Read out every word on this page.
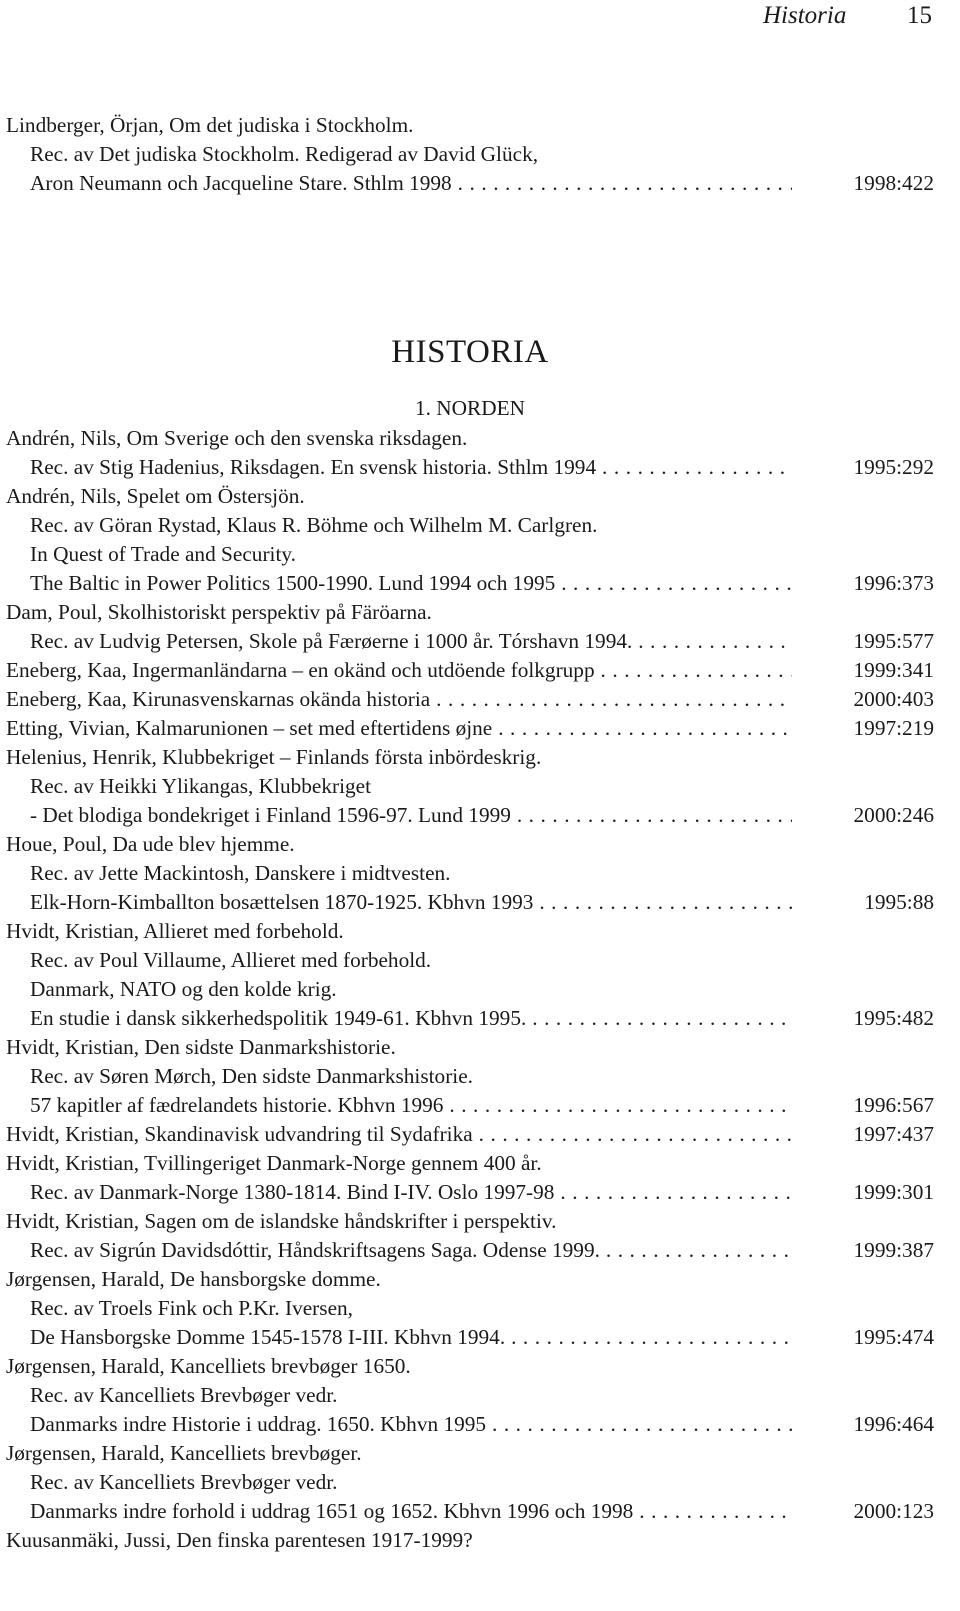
Historia 15
Lindberger, Örjan, Om det judiska i Stockholm.
Rec. av Det judiska Stockholm. Redigerad av David Glück,
Aron Neumann och Jacqueline Stare. Sthlm 1998 . . .	1998:422
HISTORIA
1. NORDEN
Andrén, Nils, Om Sverige och den svenska riksdagen.
Rec. av Stig Hadenius, Riksdagen. En svensk historia. Sthlm 1994 . . .	1995:292
Andrén, Nils, Spelet om Östersjön.
Rec. av Göran Rystad, Klaus R. Böhme och Wilhelm M. Carlgren.
In Quest of Trade and Security.
The Baltic in Power Politics 1500-1990. Lund 1994 och 1995 . . .	1996:373
Dam, Poul, Skolhistoriskt perspektiv på Färöarna.
Rec. av Ludvig Petersen, Skole på Færøerne i 1000 år. Tórshavn 1994. . . .	1995:577
Eneberg, Kaa, Ingermanländarna – en okänd och utdöende folkgrupp . . .	1999:341
Eneberg, Kaa, Kirunasvenskarnas okända historia . . .	2000:403
Etting, Vivian, Kalmarunionen – set med eftertidens øjne . . .	1997:219
Helenius, Henrik, Klubbekriget – Finlands första inbördeskrig.
Rec. av Heikki Ylikangas, Klubbekriget
- Det blodiga bondekriget i Finland 1596-97. Lund 1999 . . .	2000:246
Houe, Poul, Da ude blev hjemme.
Rec. av Jette Mackintosh, Danskere i midtvesten.
Elk-Horn-Kimballton bosættelsen 1870-1925. Kbhvn 1993 . . .	1995:88
Hvidt, Kristian, Allieret med forbehold.
Rec. av Poul Villaume, Allieret med forbehold.
Danmark, NATO og den kolde krig.
En studie i dansk sikkerhedspolitik 1949-61. Kbhvn 1995. . . .	1995:482
Hvidt, Kristian, Den sidste Danmarkshistorie.
Rec. av Søren Mørch, Den sidste Danmarkshistorie.
57 kapitler af fædrelandets historie. Kbhvn 1996 . . .	1996:567
Hvidt, Kristian, Skandinavisk udvandring til Sydafrika . . .	1997:437
Hvidt, Kristian, Tvillingeriget Danmark-Norge gennem 400 år.
Rec. av Danmark-Norge 1380-1814. Bind I-IV. Oslo 1997-98 . . .	1999:301
Hvidt, Kristian, Sagen om de islandske håndskrifter i perspektiv.
Rec. av Sigrún Davidsdóttir, Håndskriftsagens Saga. Odense 1999. . . .	1999:387
Jørgensen, Harald, De hansborgske domme.
Rec. av Troels Fink och P.Kr. Iversen,
De Hansborgske Domme 1545-1578 I-III. Kbhvn 1994. . . .	1995:474
Jørgensen, Harald, Kancelliets brevbøger 1650.
Rec. av Kancelliets Brevbøger vedr.
Danmarks indre Historie i uddrag. 1650. Kbhvn 1995 . . .	1996:464
Jørgensen, Harald, Kancelliets brevbøger.
Rec. av Kancelliets Brevbøger vedr.
Danmarks indre forhold i uddrag 1651 og 1652. Kbhvn 1996 och 1998 . . .	2000:123
Kuusanmäki, Jussi, Den finska parentesen 1917-1999?
